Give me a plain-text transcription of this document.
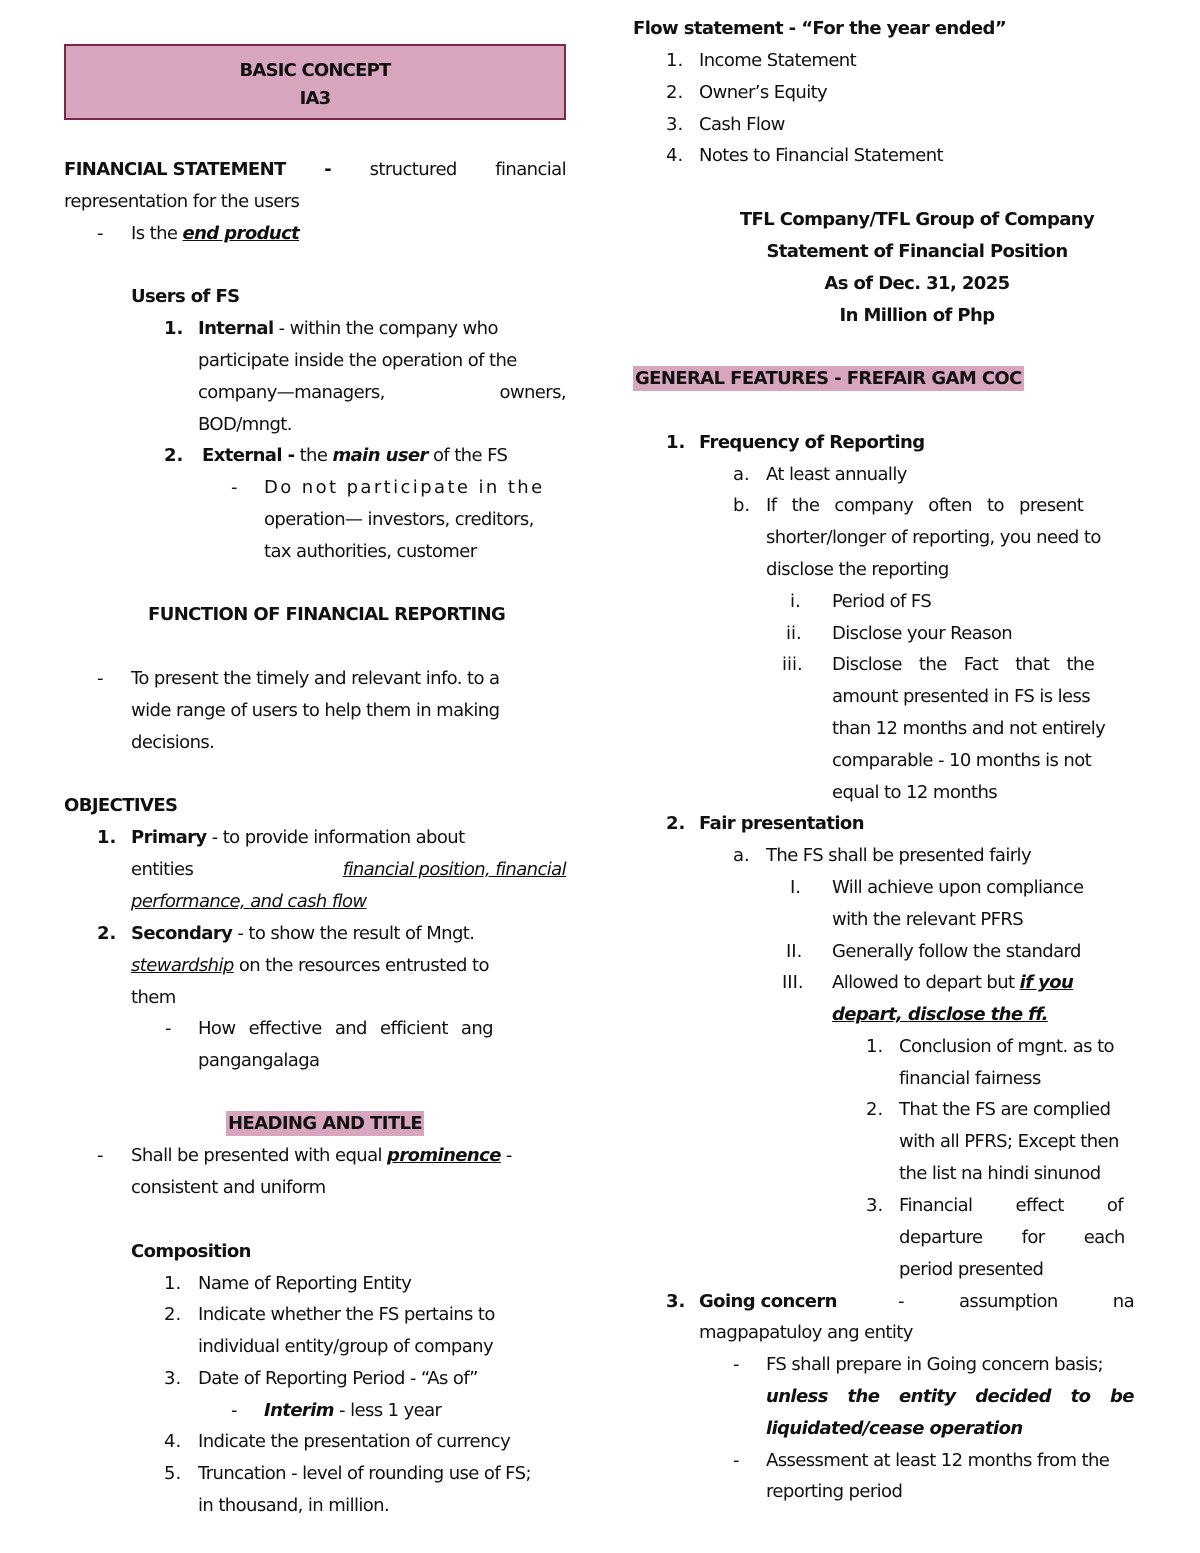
BASIC CONCEPT
IA3
FINANCIAL STATEMENT - structured financial
representation for the users
- Is the end product
Users of FS
1. Internal - within the company who
participate inside the operation of the
company—managers,	owners,
BOD/mngt.
2. External - the main user of the FS
- Do not participate in the
operation— investors, creditors,
tax authorities, customer
FUNCTION OF FINANCIAL REPORTING
- To present the timely and relevant info. to a
wide range of users to help them in making
decisions.
OBJECTIVES
1. Primary - to provide information about
entities	financial position, financial
performance, and cash flow
2. Secondary - to show the result of Mngt.
stewardship on the resources entrusted to
them
- How effective and efficient ang
pangangalaga
HEADING AND TITLE
- Shall be presented with equal prominence -
consistent and uniform
Composition
1. Name of Reporting Entity
2. Indicate whether the FS pertains to
individual entity/group of company
3. Date of Reporting Period - “As of”
- Interim - less 1 year
4. Indicate the presentation of currency
5. Truncation - level of rounding use of FS;
in thousand, in million.
Flow statement - “For the year ended”
1. Income Statement
2. Owner’s Equity
3. Cash Flow
4. Notes to Financial Statement
TFL Company/TFL Group of Company
Statement of Financial Position
As of Dec. 31, 2025
In Million of Php
GENERAL FEATURES - FREFAIR GAM COC
1. Frequency of Reporting
a. At least annually
b. If the company often to present
shorter/longer of reporting, you need to
disclose the reporting
i. Period of FS
ii. Disclose your Reason
iii. Disclose the Fact that the
amount presented in FS is less
than 12 months and not entirely
comparable - 10 months is not
equal to 12 months
2. Fair presentation
a. The FS shall be presented fairly
I. Will achieve upon compliance
with the relevant PFRS
II. Generally follow the standard
III. Allowed to depart but if you
depart, disclose the ff.
1. Conclusion of mgnt. as to
financial fairness
2. That the FS are complied
with all PFRS; Except then
the list na hindi sinunod
3. Financial effect of
departure for each
period presented
3. Going concern	- assumption na
magpapatuloy ang entity
- FS shall prepare in Going concern basis;
unless the entity decided to be
liquidated/cease operation
- Assessment at least 12 months from the
reporting period
